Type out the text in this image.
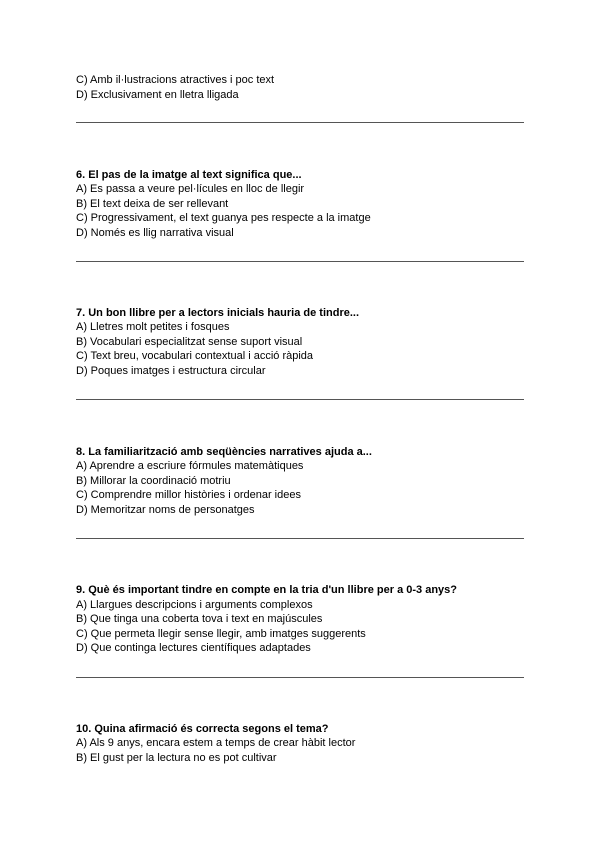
C) Amb il·lustracions atractives i poc text
D) Exclusivament en lletra lligada
6. El pas de la imatge al text significa que...
A) Es passa a veure pel·lícules en lloc de llegir
B) El text deixa de ser rellevant
C) Progressivament, el text guanya pes respecte a la imatge
D) Només es llig narrativa visual
7. Un bon llibre per a lectors inicials hauria de tindre...
A) Lletres molt petites i fosques
B) Vocabulari especialitzat sense suport visual
C) Text breu, vocabulari contextual i acció ràpida
D) Poques imatges i estructura circular
8. La familiarització amb seqüències narratives ajuda a...
A) Aprendre a escriure fórmules matemàtiques
B) Millorar la coordinació motriu
C) Comprendre millor històries i ordenar idees
D) Memoritzar noms de personatges
9. Què és important tindre en compte en la tria d'un llibre per a 0-3 anys?
A) Llargues descripcions i arguments complexos
B) Que tinga una coberta tova i text en majúscules
C) Que permeta llegir sense llegir, amb imatges suggerents
D) Que continga lectures científiques adaptades
10. Quina afirmació és correcta segons el tema?
A) Als 9 anys, encara estem a temps de crear hàbit lector
B) El gust per la lectura no es pot cultivar
